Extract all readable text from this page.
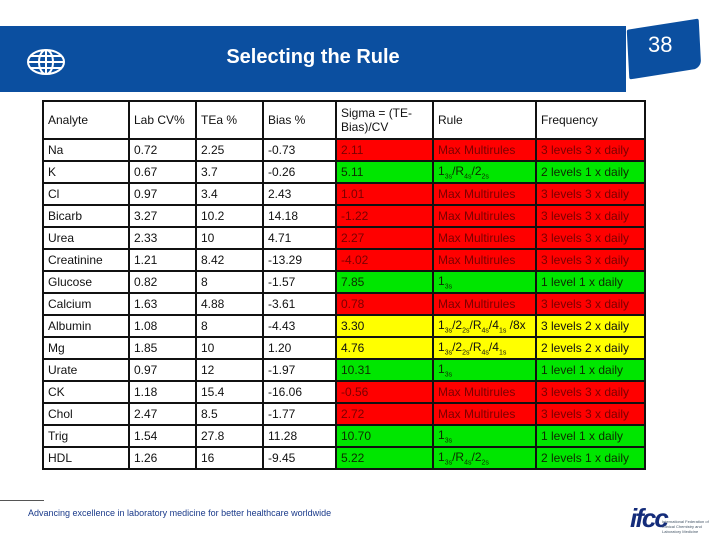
Selecting the Rule	38
Analyte	Lab CV%	TEa %	Bias %	Sigma = (TE-Bias)/CV	Rule	Frequency
Na	0.72	2.25	-0.73	2.11	Max Multirules	3 levels 3 x daily
K	0.67	3.7	-0.26	5.11	$1_{3s}/R_{4s}/2_{2s}$	2 levels 1 x daily
Cl	0.97	3.4	2.43	1.01	Max Multirules	3 levels 3 x daily
Bicarb	3.27	10.2	14.18	-1.22	Max Multirules	3 levels 3 x daily
Urea	2.33	10	4.71	2.27	Max Multirules	3 levels 3 x daily
Creatinine	1.21	8.42	-13.29	-4.02	Max Multirules	3 levels 3 x daily
Glucose	0.82	8	-1.57	7.85	$1_{3s}$	1 level 1 x daily
Calcium	1.63	4.88	-3.61	0.78	Max Multirules	3 levels 3 x daily
Albumin	1.08	8	-4.43	3.30	$1_{3s}/2_{2s}/R_{4s}/4_{1s}$ /8x	3 levels 2 x daily
Mg	1.85	10	1.20	4.76	$1_{3s}/2_{2s}/R_{4s}/4_{1s}$	2 levels 2 x daily
Urate	0.97	12	-1.97	10.31	$1_{3s}$	1 level 1 x daily
CK	1.18	15.4	-16.06	-0.56	Max Multirules	3 levels 3 x daily
Chol	2.47	8.5	-1.77	2.72	Max Multirules	3 levels 3 x daily
Trig	1.54	27.8	11.28	10.70	$1_{3s}$	1 level 1 x daily
HDL	1.26	16	-9.45	5.22	$1_{3s}/R_{4s}/2_{2s}$	2 levels 1 x daily
Advancing excellence in laboratory medicine for better healthcare worldwide	ifcc
International Federation of Clinical Chemistry and Laboratory Medicine
